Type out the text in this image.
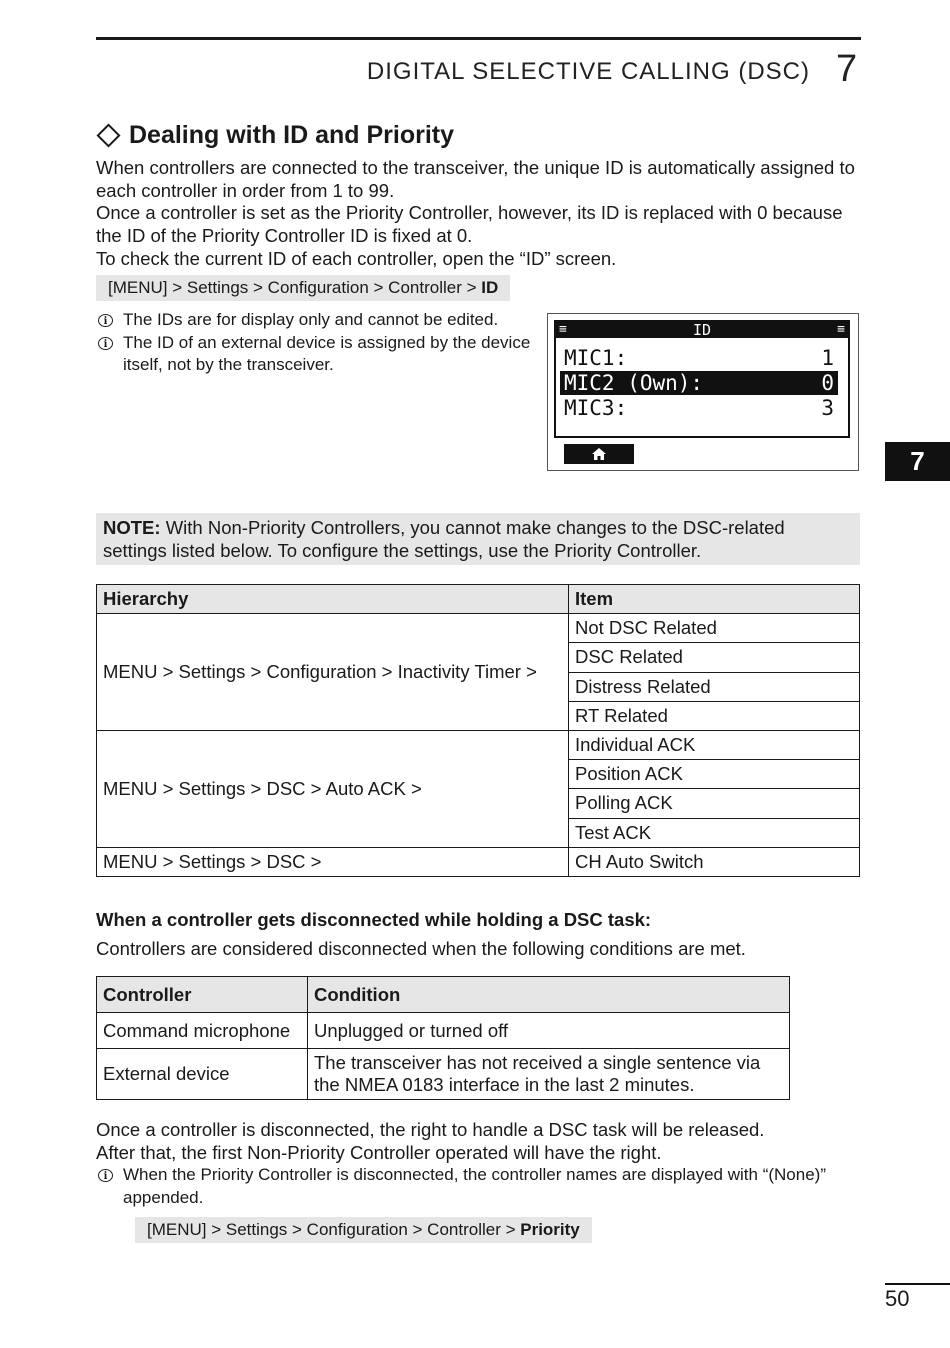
DIGITAL SELECTIVE CALLING (DSC) 7
Dealing with ID and Priority

When controllers are connected to the transceiver, the unique ID is automatically assigned to each controller in order from 1 to 99.

Once a controller is set as the Priority Controller, however, its ID is replaced with 0 because the ID of the Priority Controller ID is fixed at 0.

To check the current ID of each controller, open the “ID” screen.

[MENU] > Settings > Configuration > Controller > ID
i The IDs are for display only and cannot be edited.
i The ID of an external device is assigned by the device itself, not by the transceiver.
≡	ID	≡
MIC1:	1
MIC2 (Own):	0
MIC3:	3
7
NOTE: With Non-Priority Controllers, you cannot make changes to the DSC-related settings listed below. To configure the settings, use the Priority Controller.
Hierarchy	Item
MENU > Settings > Configuration > Inactivity Timer >	Not DSC Related
	DSC Related
	Distress Related
	RT Related
MENU > Settings > DSC > Auto ACK >	Individual ACK
	Position ACK
	Polling ACK
	Test ACK
MENU > Settings > DSC >	CH Auto Switch
When a controller gets disconnected while holding a DSC task:
Controllers are considered disconnected when the following conditions are met.
Controller	Condition
Command microphone	Unplugged or turned off
External device	The transceiver has not received a single sentence via the NMEA 0183 interface in the last 2 minutes.

Once a controller is disconnected, the right to handle a DSC task will be released.

After that, the first Non-Priority Controller operated will have the right.

i When the Priority Controller is disconnected, the controller names are displayed with “(None)” appended.
[MENU] > Settings > Configuration > Controller > Priority
50
